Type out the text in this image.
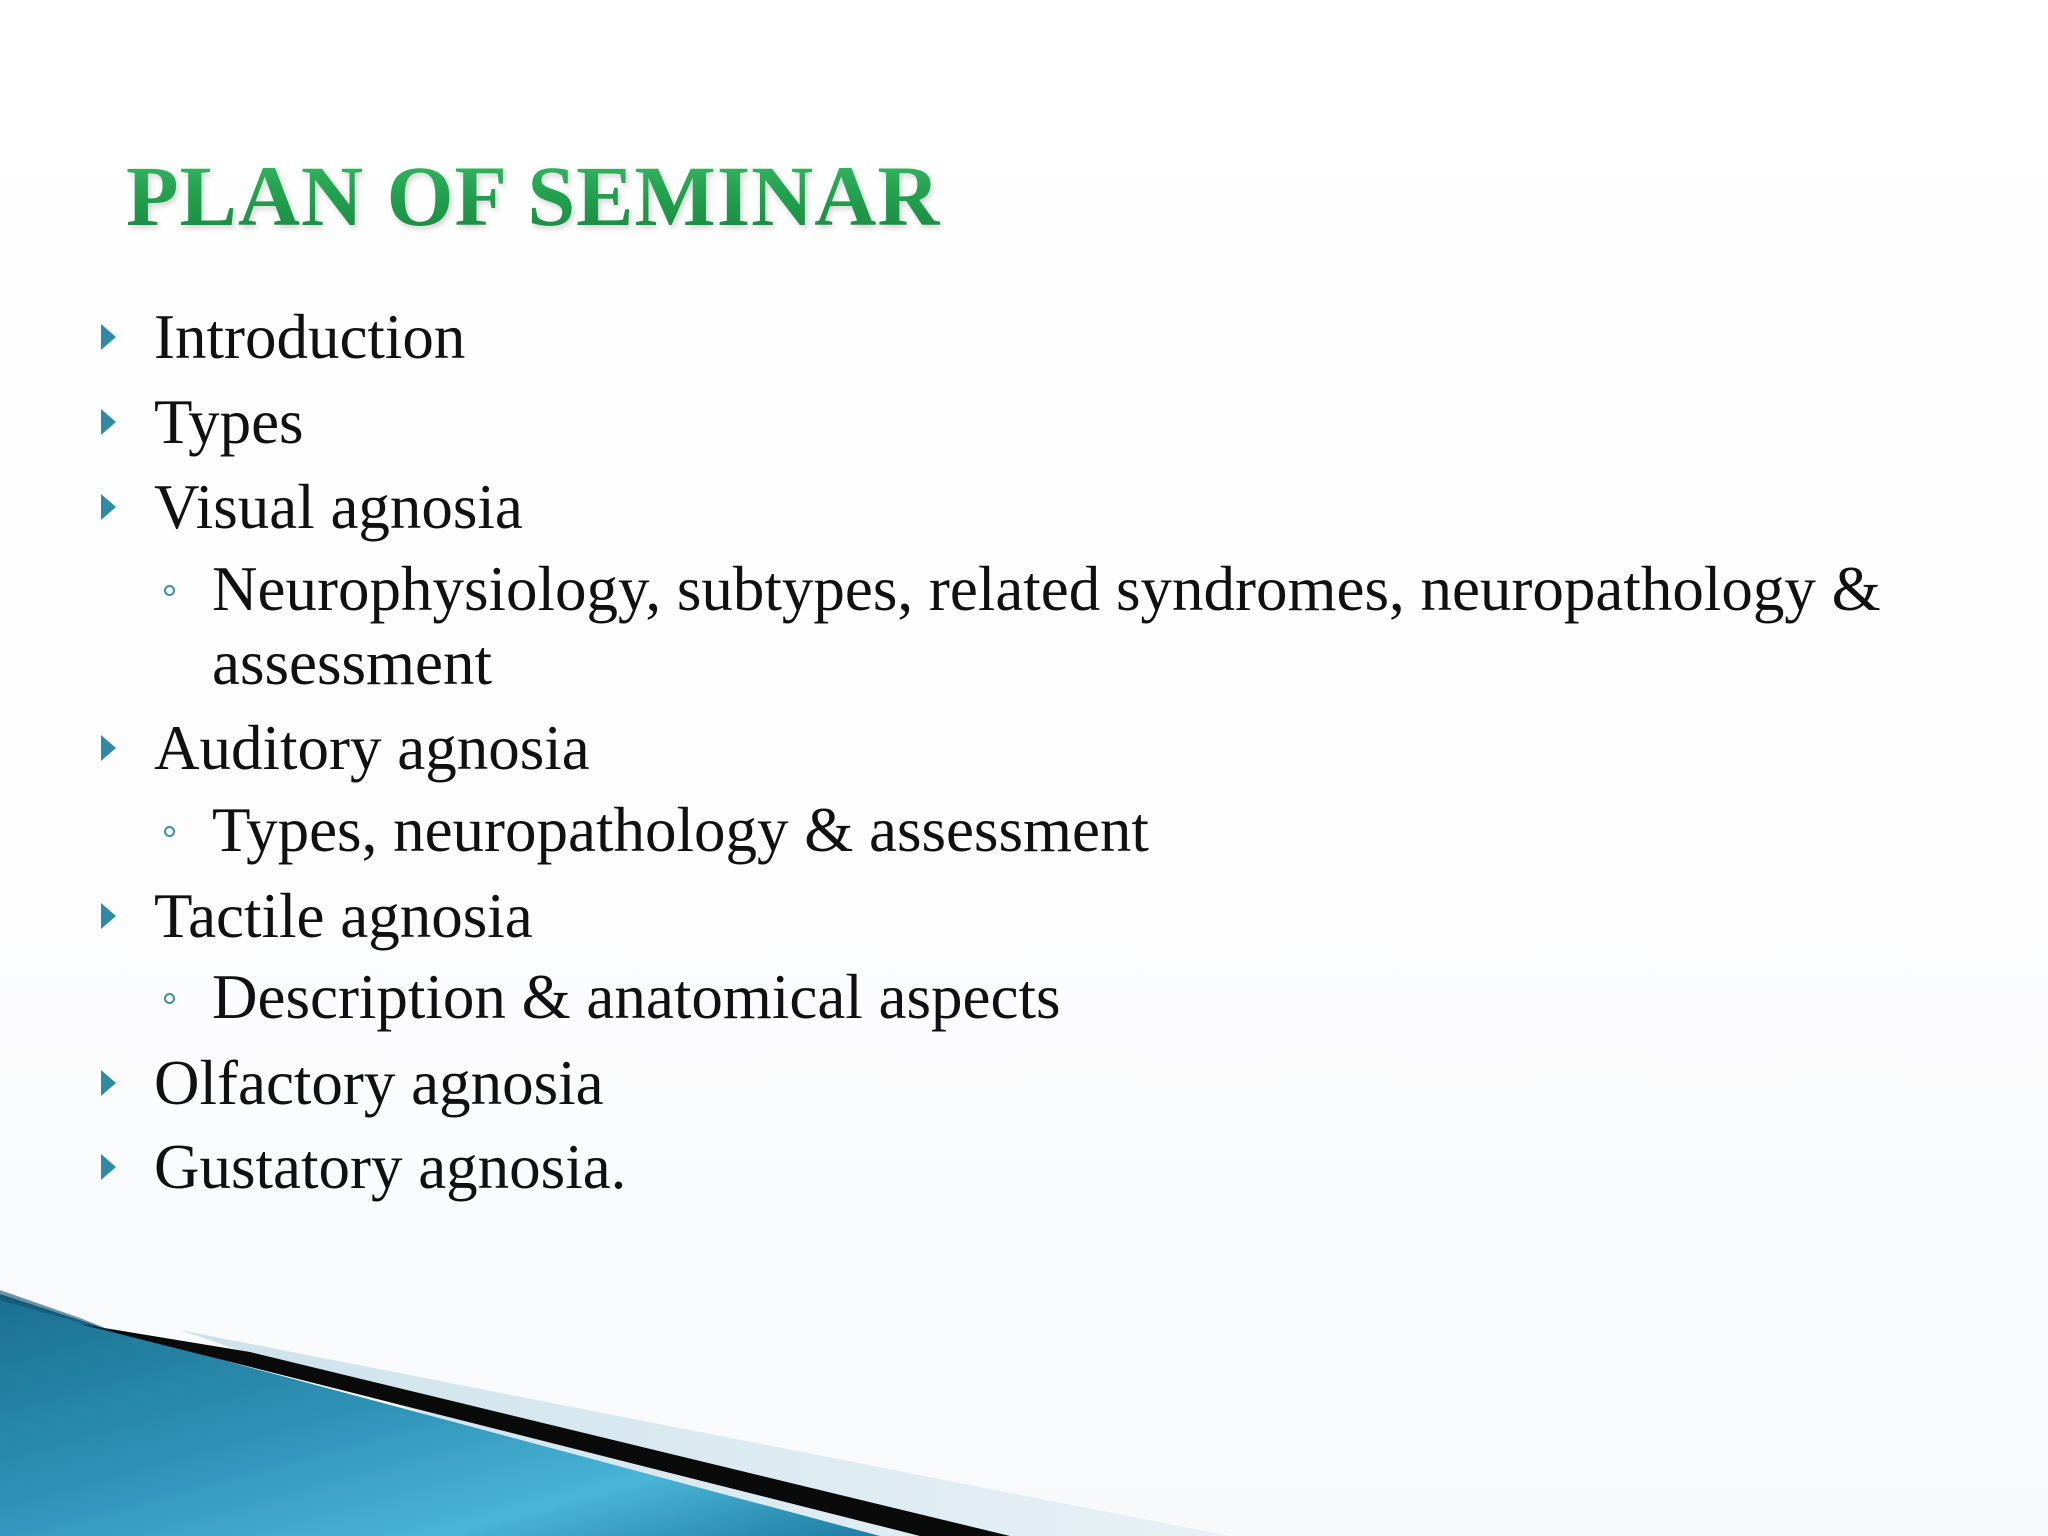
PLAN OF SEMINAR
Introduction
Types
Visual agnosia
Neurophysiology, subtypes, related syndromes, neuropathology & assessment
Auditory agnosia
Types, neuropathology & assessment
Tactile agnosia
Description & anatomical aspects
Olfactory agnosia
Gustatory agnosia.
